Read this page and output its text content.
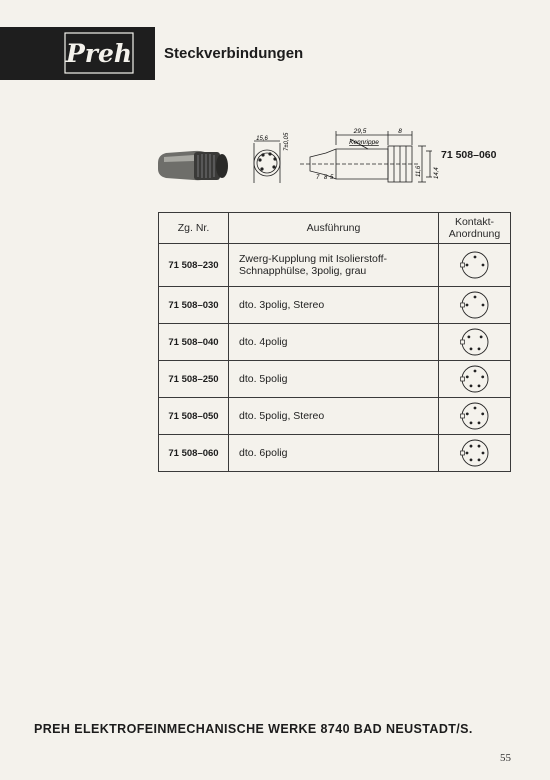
Preh Steckverbindungen
15,6	7±0,05
29,5	8
Kennrippe
7 8 5
11,6 14,4
71 508–060
Zg. Nr.	Ausführung	Kontakt-
Anordnung

71 508–230	Zwerg-Kupplung mit Isolierstoff-
Schnapphülse, 3polig, grau

71 508–030	dto. 3polig, Stereo

71 508–040	dto. 4polig

71 508–250	dto. 5polig

71 508–050	dto. 5polig, Stereo

71 508–060	dto. 6polig

PREH ELEKTROFEINMECHANISCHE WERKE 8740 BAD NEUSTADT/S.
55
